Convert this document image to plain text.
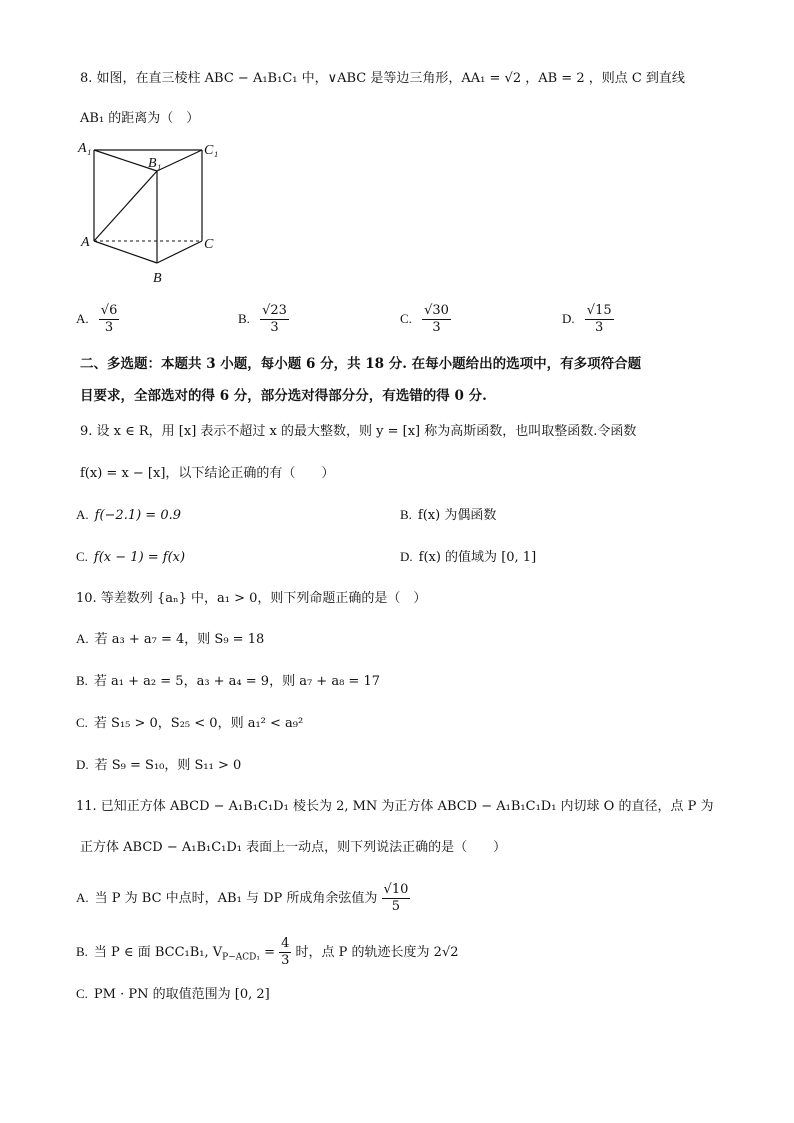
8. 如图，在直三棱柱 ABC − A₁B₁C₁ 中，∨ABC 是等边三角形，AA₁ = √2 ，AB = 2 ，则点 C 到直线
AB₁ 的距离为（　）
A₁
B₁
C₁
A
B
C
A. $\frac{√6}{3}$	B. $\frac{√23}{3}$	C. $\frac{√30}{3}$	D. $\frac{√15}{3}$
二、多选题：本题共 3 小题，每小题 6 分，共 18 分. 在每小题给出的选项中，有多项符合题
目要求，全部选对的得 6 分，部分选对得部分分，有选错的得 0 分.
9. 设 x ∈ R，用 [x] 表示不超过 x 的最大整数，则 y = [x] 称为高斯函数，也叫取整函数.令函数
f(x) = x − [x]，以下结论正确的有（　　）
A. f(−2.1) = 0.9	B. f(x) 为偶函数
C. f(x − 1) = f(x)	D. f(x) 的值域为 [0, 1]
10. 等差数列 {aₙ} 中，a₁ > 0，则下列命题正确的是（　）
A. 若 a₃ + a₇ = 4，则 S₉ = 18
B. 若 a₁ + a₂ = 5，a₃ + a₄ = 9，则 a₇ + a₈ = 17
C. 若 S₁₅ > 0，S₂₅ < 0，则 a₁² < a₉²
D. 若 S₉ = S₁₀，则 S₁₁ > 0
11. 已知正方体 ABCD − A₁B₁C₁D₁ 棱长为 2, MN 为正方体 ABCD − A₁B₁C₁D₁ 内切球 O 的直径，点 P 为
正方体 ABCD − A₁B₁C₁D₁ 表面上一动点，则下列说法正确的是（　　）
A. 当 P 为 BC 中点时，AB₁ 与 DP 所成角余弦值为 $\frac{√10}{5}$
B. 当 P ∈ 面 BCC₁B₁, $V_{P-ACD_1} = \frac{4}{3}$ 时，点 P 的轨迹长度为 2√2
C. PM · PN 的取值范围为 [0, 2]
